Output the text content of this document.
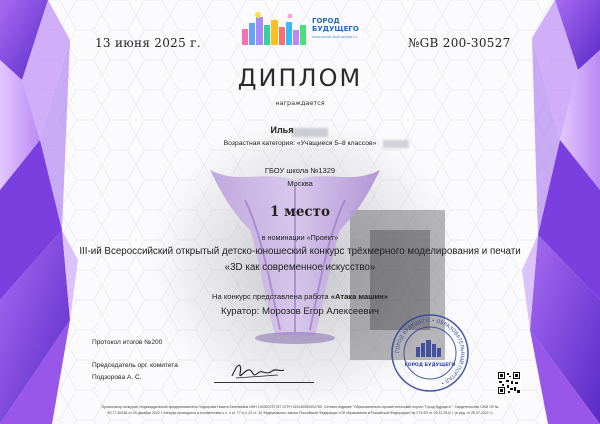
ГОРОД
БУДУЩЕГО
www.gorod-budushego.ru
13 июня 2025 г.	№GB 200-30527
ДИПЛОМ
награждается
Илья
Возрастная категория: «Учащиеся 5–8 классов»
ГБОУ школа №1329
Москва
1 место
в номинации «Проект»
III-ий Всероссийский открытый детско-юношеский конкурс трёхмерного моделирования и печати
«3D как современное искусство»
На конкурс представлена работа «Атака машин»
Куратор: Морозов Егор Алексеевич
Протокол итогов №200
Председатель орг. комитета
Подзорова А. С.
ГОРОД БУДУЩЕГО • ОБРАЗОВАТЕЛЬНЫЙ ПОРТАЛ •
ГОРОД БУДУЩЕГО
Организатор конкурса: Индивидуальный предприниматель Подзорова Никита Евгеньевна ИНН 190300737787 ОГРН 315190200002785. Сетевое издание "Образовательно-просветительский портал 'Город будущего'". Свидетельство СМИ ЭЛ №
ФС77-84156 от 09 декабря 2022 г. Конкурс проводится в соответствии с п. 4 ст. 77 и п. 22 ст. 34 Федерального закона Российской Федерации «Об образовании в Российской Федерации» № 273-ФЗ от 29.12.2012 г. (в ред. от 25.07.2022 г.)
